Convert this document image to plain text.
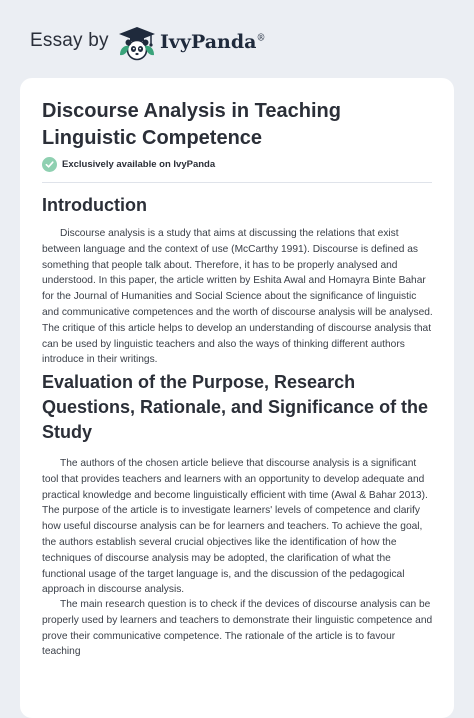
Essay by	IvyPanda®
Discourse Analysis in Teaching Linguistic Competence
Exclusively available on IvyPanda
Introduction

Discourse analysis is a study that aims at discussing the relations that exist between language and the context of use (McCarthy 1991). Discourse is defined as something that people talk about. Therefore, it has to be properly analysed and understood. In this paper, the article written by Eshita Awal and Homayra Binte Bahar for the Journal of Humanities and Social Science about the significance of linguistic and communicative competences and the worth of discourse analysis will be analysed. The critique of this article helps to develop an understanding of discourse analysis that can be used by linguistic teachers and also the ways of thinking different authors introduce in their writings.

Evaluation of the Purpose, Research Questions, Rationale, and Significance of the Study

The authors of the chosen article believe that discourse analysis is a significant tool that provides teachers and learners with an opportunity to develop adequate and practical knowledge and become linguistically efficient with time (Awal & Bahar 2013). The purpose of the article is to investigate learners' levels of competence and clarify how useful discourse analysis can be for learners and teachers. To achieve the goal, the authors establish several crucial objectives like the identification of how the techniques of discourse analysis may be adopted, the clarification of what the functional usage of the target language is, and the discussion of the pedagogical approach in discourse analysis.

The main research question is to check if the devices of discourse analysis can be properly used by learners and teachers to demonstrate their linguistic competence and prove their communicative competence. The rationale of the article is to favour teaching
